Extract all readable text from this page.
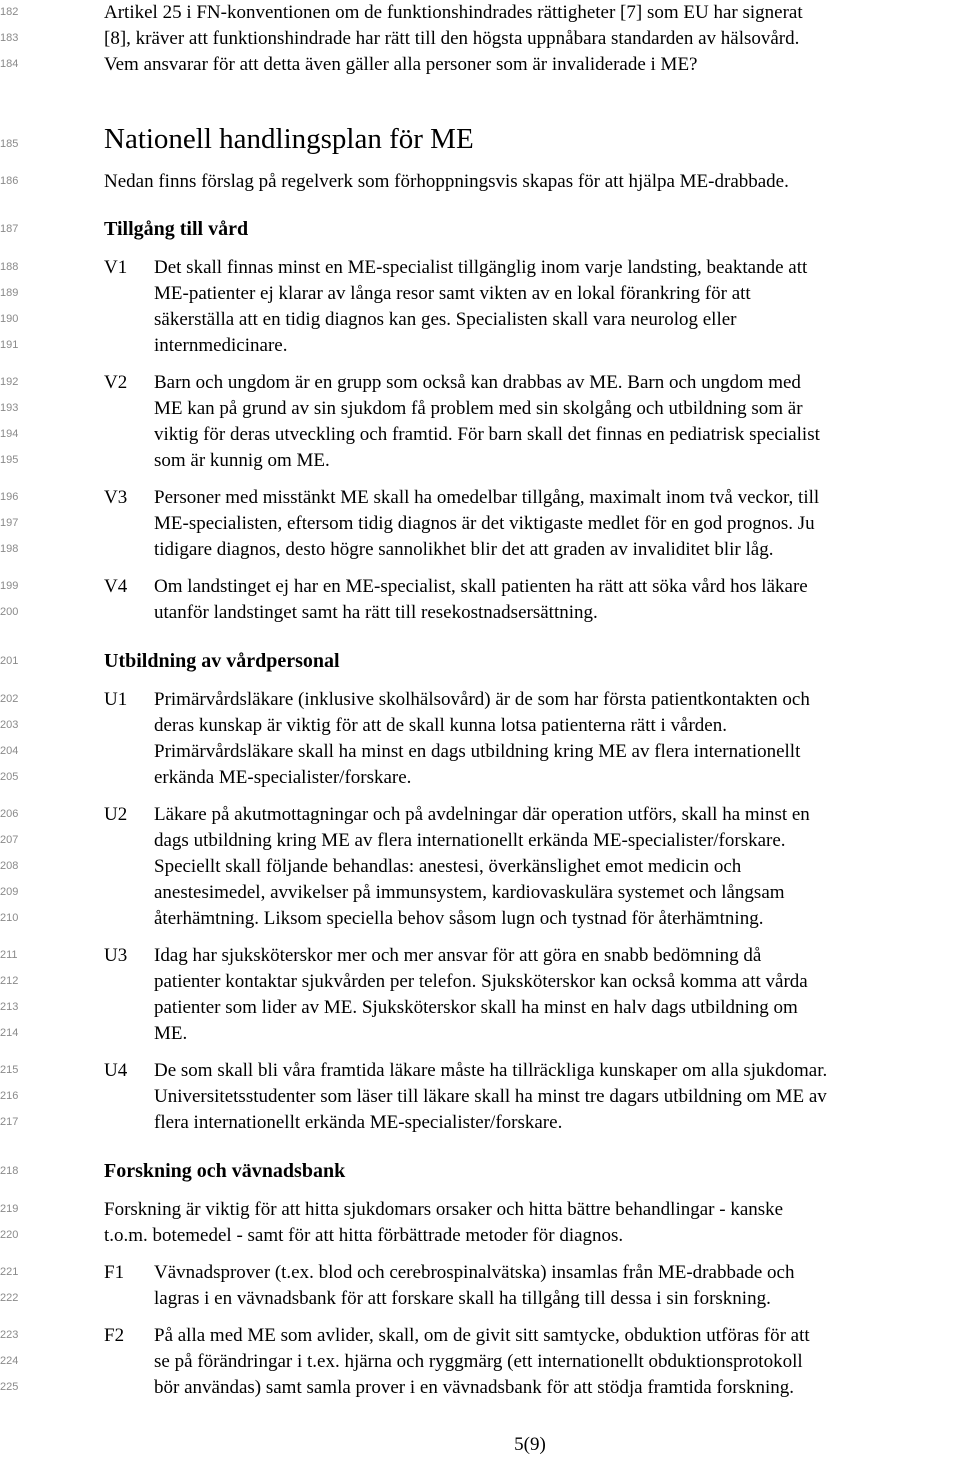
182
183
184
185
186
187
188
189
190
191
192
193
194
195
196
197
198
199
200
201
202
203
204
205
206
207
208
209
210
211
212
213
214
215
216
217
218
219
220
221
222
223
224
225
Artikel 25 i FN-konventionen om de funktionshindrades rättigheter [7] som EU har signerat
[8], kräver att funktionshindrade har rätt till den högsta uppnåbara standarden av hälsovård.
Vem ansvarar för att detta även gäller alla personer som är invaliderade i ME?
Nationell handlingsplan för ME
Nedan finns förslag på regelverk som förhoppningsvis skapas för att hjälpa ME-drabbade.
Tillgång till vård
V1 Det skall finnas minst en ME-specialist tillgänglig inom varje landsting, beaktande att
ME-patienter ej klarar av långa resor samt vikten av en lokal förankring för att
säkerställa att en tidig diagnos kan ges. Specialisten skall vara neurolog eller
internmedicinare.
V2 Barn och ungdom är en grupp som också kan drabbas av ME. Barn och ungdom med
ME kan på grund av sin sjukdom få problem med sin skolgång och utbildning som är
viktig för deras utveckling och framtid. För barn skall det finnas en pediatrisk specialist
som är kunnig om ME.
V3 Personer med misstänkt ME skall ha omedelbar tillgång, maximalt inom två veckor, till
ME-specialisten, eftersom tidig diagnos är det viktigaste medlet för en god prognos. Ju
tidigare diagnos, desto högre sannolikhet blir det att graden av invaliditet blir låg.
V4 Om landstinget ej har en ME-specialist, skall patienten ha rätt att söka vård hos läkare
utanför landstinget samt ha rätt till resekostnadsersättning.
Utbildning av vårdpersonal
U1 Primärvårdsläkare (inklusive skolhälsovård) är de som har första patientkontakten och
deras kunskap är viktig för att de skall kunna lotsa patienterna rätt i vården.
Primärvårdsläkare skall ha minst en dags utbildning kring ME av flera internationellt
erkända ME-specialister/forskare.
U2 Läkare på akutmottagningar och på avdelningar där operation utförs, skall ha minst en
dags utbildning kring ME av flera internationellt erkända ME-specialister/forskare.
Speciellt skall följande behandlas: anestesi, överkänslighet emot medicin och
anestesimedel, avvikelser på immunsystem, kardiovaskulära systemet och långsam
återhämtning. Liksom speciella behov såsom lugn och tystnad för återhämtning.
U3 Idag har sjuksköterskor mer och mer ansvar för att göra en snabb bedömning då
patienter kontaktar sjukvården per telefon. Sjuksköterskor kan också komma att vårda
patienter som lider av ME. Sjuksköterskor skall ha minst en halv dags utbildning om
ME.
U4 De som skall bli våra framtida läkare måste ha tillräckliga kunskaper om alla sjukdomar.
Universitetsstudenter som läser till läkare skall ha minst tre dagars utbildning om ME av
flera internationellt erkända ME-specialister/forskare.
Forskning och vävnadsbank
Forskning är viktig för att hitta sjukdomars orsaker och hitta bättre behandlingar - kanske
t.o.m. botemedel - samt för att hitta förbättrade metoder för diagnos.
F1 Vävnadsprover (t.ex. blod och cerebrospinalvätska) insamlas från ME-drabbade och
lagras i en vävnadsbank för att forskare skall ha tillgång till dessa i sin forskning.
F2 På alla med ME som avlider, skall, om de givit sitt samtycke, obduktion utföras för att
se på förändringar i t.ex. hjärna och ryggmärg (ett internationellt obduktionsprotokoll
bör användas) samt samla prover i en vävnadsbank för att stödja framtida forskning.
5(9)
